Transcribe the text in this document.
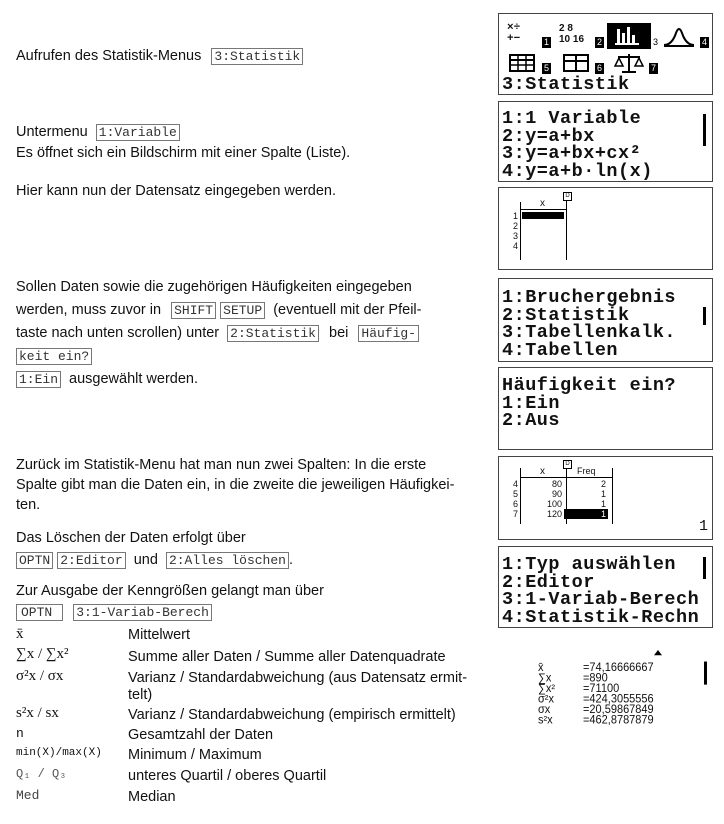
Aufrufen des Statistik-Menus 3:Statistik
Untermenu 1:Variable
Es öffnet sich ein Bildschirm mit einer Spalte (Liste).
Hier kann nun der Datensatz eingegeben werden.
Sollen Daten sowie die zugehörigen Häufigkeiten eingegeben
werden, muss zuvor in SHIFT SETUP (eventuell mit der Pfeil-
taste nach unten scrollen) unter 2:Statistik bei Häufig-
keit ein?
1:Ein ausgewählt werden.
Zurück im Statistik-Menu hat man nun zwei Spalten: In die erste
Spalte gibt man die Daten ein, in die zweite die jeweiligen Häufigkei-
ten.
Das Löschen der Daten erfolgt über
OPTN 2:Editor und 2:Alles löschen .
Zur Ausgabe der Kenngrößen gelangt man über
OPTN 3:1-Variab-Berech
x̄	Mittelwert
∑x / ∑x²	Summe aller Daten / Summe aller Datenquadrate
σ²x / σx	Varianz / Standardabweichung (aus Datensatz ermit-
telt)
s²x / sx	Varianz / Standardabweichung (empirisch ermittelt)
n	Gesamtzahl der Daten
min(X)/max(X) Minimum / Maximum
Q₁ / Q₃	unteres Quartil / oberes Quartil
Med	Median
×÷
+−	1
2 8
10 16 2	3	4
5	6	7
3:Statistik
1:1 Variable
2:y=a+bx
3:y=a+bx+cx²
4:y=a+b·ln(x)
D
x
1
2
3
4
1:Bruchergebnis
2:Statistik
3:Tabellenkalk.
4:Tabellen
Häufigkeit ein?
1:Ein
2:Aus
D
x	Freq
4	80	2
5	90	1
6	100	1
7	120	1
1
1:Typ auswählen
2:Editor
3:1-Variab-Berech
4:Statistik-Rechn
x̄	=74,16666667
∑x	=890
∑x²	=71100
σ²x	=424,3055556
σx	=20,59867849
s²x	=462,8787879
